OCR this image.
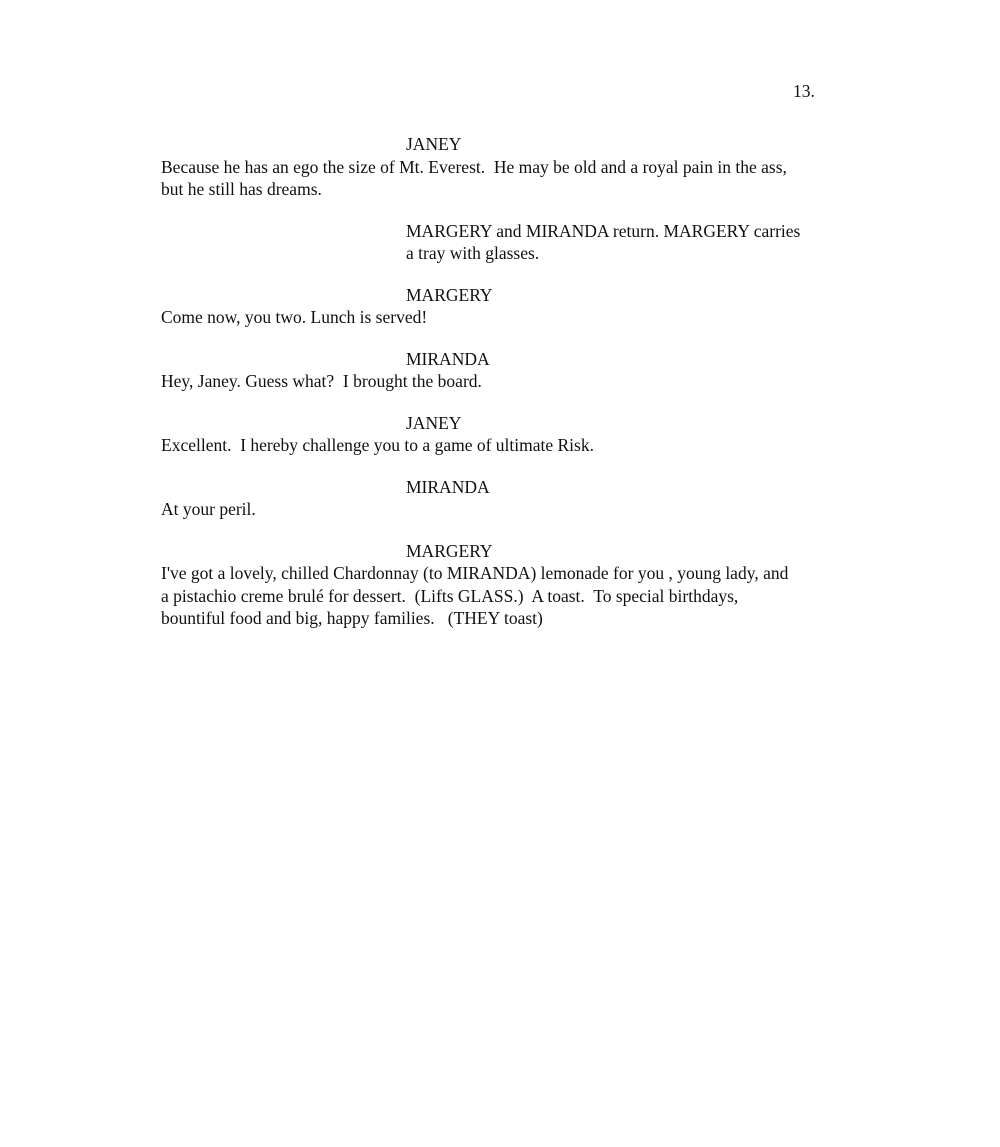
13.
JANEY
Because he has an ego the size of Mt. Everest.  He may be old and a royal pain in the ass,
but he still has dreams.
MARGERY and MIRANDA return. MARGERY carries
a tray with glasses.
MARGERY
Come now, you two. Lunch is served!
MIRANDA
Hey, Janey. Guess what?  I brought the board.
JANEY
Excellent.  I hereby challenge you to a game of ultimate Risk.
MIRANDA
At your peril.
MARGERY
I've got a lovely, chilled Chardonnay (to MIRANDA) lemonade for you , young lady, and
a pistachio creme brulé for dessert.  (Lifts GLASS.)  A toast.  To special birthdays,
bountiful food and big, happy families.   (THEY toast)
